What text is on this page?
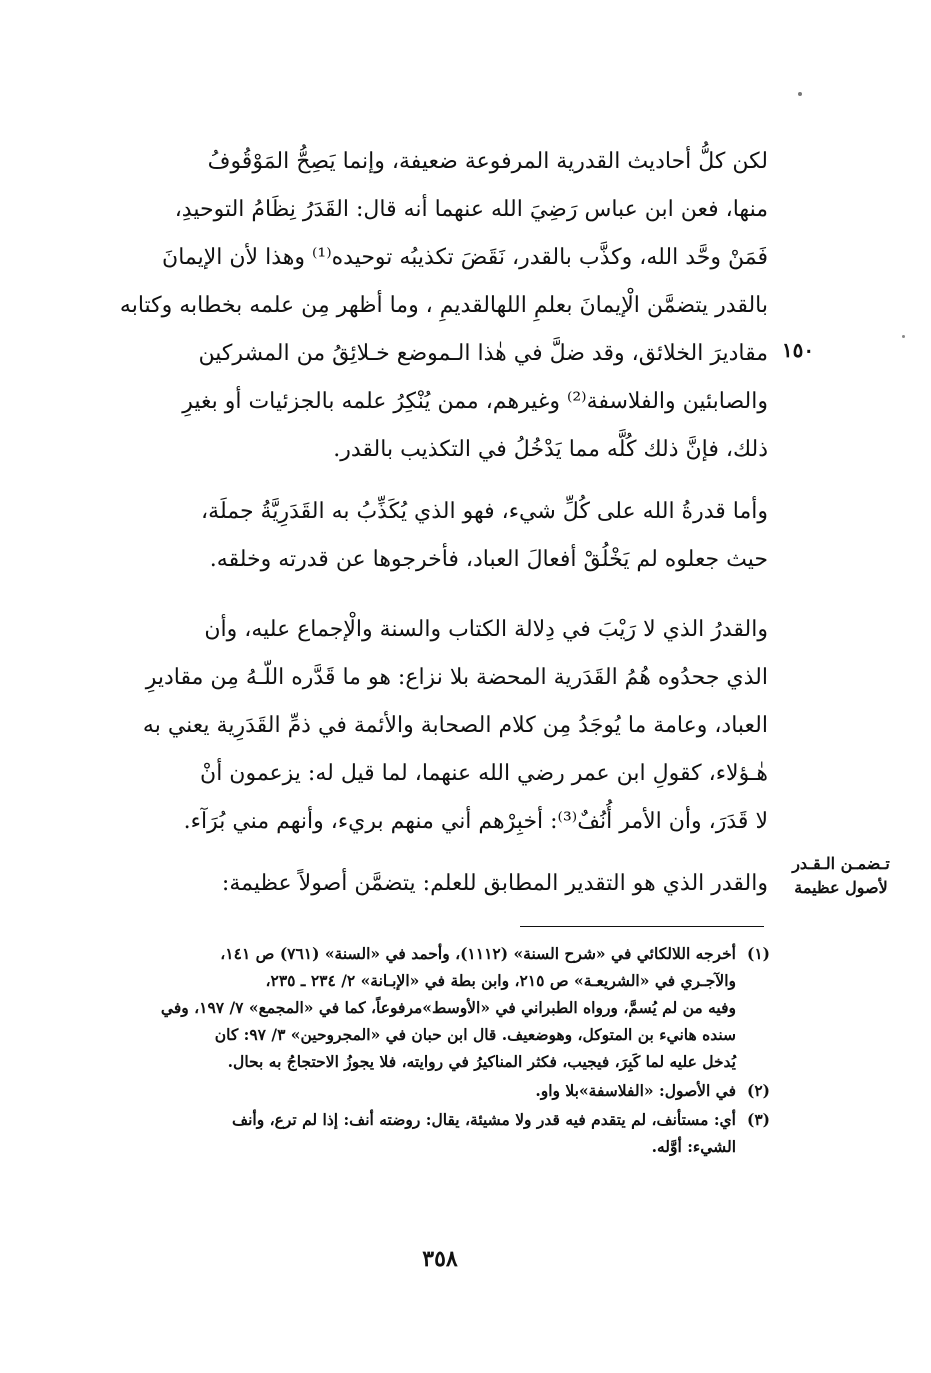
لكن كلُّ أحاديث القدرية المرفوعة ضعيفة، وإنما يَصِحُّ المَوْقُوفُ
منها، فعن ابن عباس رَضِيَ الله عنهما أنه قال: القَدَرُ نِظَامُ التوحيدِ،
فَمَنْ وحَّد الله، وكذَّب بالقدر، نَقَضَ تكذيبُه توحيده⁽¹⁾ وهذا لأن الإيمانَ
بالقدر يتضمَّن الْإيمانَ بعلمِ اللهالقديمِ ، وما أظهر مِن علمه بخطابه وكتابه
مقاديرَ الخلائق، وقد ضلَّ في هٰذا الـموضع خـلائِقُ من المشركين
والصابئين والفلاسفة⁽²⁾ وغيرهم، ممن يُنْكِرُ علمه بالجزئيات أو بغيرِ
ذلك، فإنَّ ذلك كُلَّه مما يَدْخُلُ في التكذيب بالقدر.

وأما قدرةُ الله على كُلِّ شيء، فهو الذي يُكَذِّبُ به القَدَرِيَّةُ جملَة،
حيث جعلوه لم يَخْلُقْ أفعالَ العباد، فأخرجوها عن قدرته وخلقه.

والقدرُ الذي لا رَيْبَ في دِلالة الكتاب والسنة والْإجماع عليه، وأن
الذي جحدُوه هُمُ القَدَرية المحضة بلا نزاع: هو ما قَدَّره اللّـهُ مِن مقاديرِ
العباد، وعامة ما يُوجَدُ مِن كلام الصحابة والأئمة في ذمِّ القَدَرِية يعني به
هٰـؤلاء، كقولِ ابن عمر رضي الله عنهما، لما قيل له: يزعمون أنْ
لا قَدَرَ، وأن الأمر أُنُفٌ⁽³⁾: أخبِرْهم أني منهم بريء، وأنهم مني بُرَآء.

والقدر الذي هو التقدير المطابق للعلم: يتضمَّن أصولاً عظيمة:

١٥٠
تـضمـن الـقـدر
لأصول عظيمة
(١)أخرجه اللالكائي في «شرح السنة» (١١١٢)، وأحمد في «السنة» (٧٦١) ص ١٤١،
والآجـري في «الشريعـة» ص ٢١٥، وابن بطة في «الإبـانة» ٢/ ٢٣٤ ـ ٢٣٥،
وفيه من لم يُسمَّ، ورواه الطبراني في «الأوسط»مرفوعاً، كما في «المجمع» ٧/ ١٩٧، وفي
سنده هانيء بن المتوكل، وهوضعيف. قال ابن حبان في «المجروحين» ٣/ ٩٧: كان
يُدخل عليه لما كَبِرَ، فيجيب، فكثر المناكيرُ في روايته، فلا يجوزُ الاحتجاجُ به بحال.
(٢)في الأصول: «الفلاسفة»بلا واو.
(٣)أي: مستأنف، لم يتقدم فيه قدر ولا مشيئة، يقال: روضته أنف: إذا لم ترع، وأنف
الشيء: أوَّله.
٣٥٨
